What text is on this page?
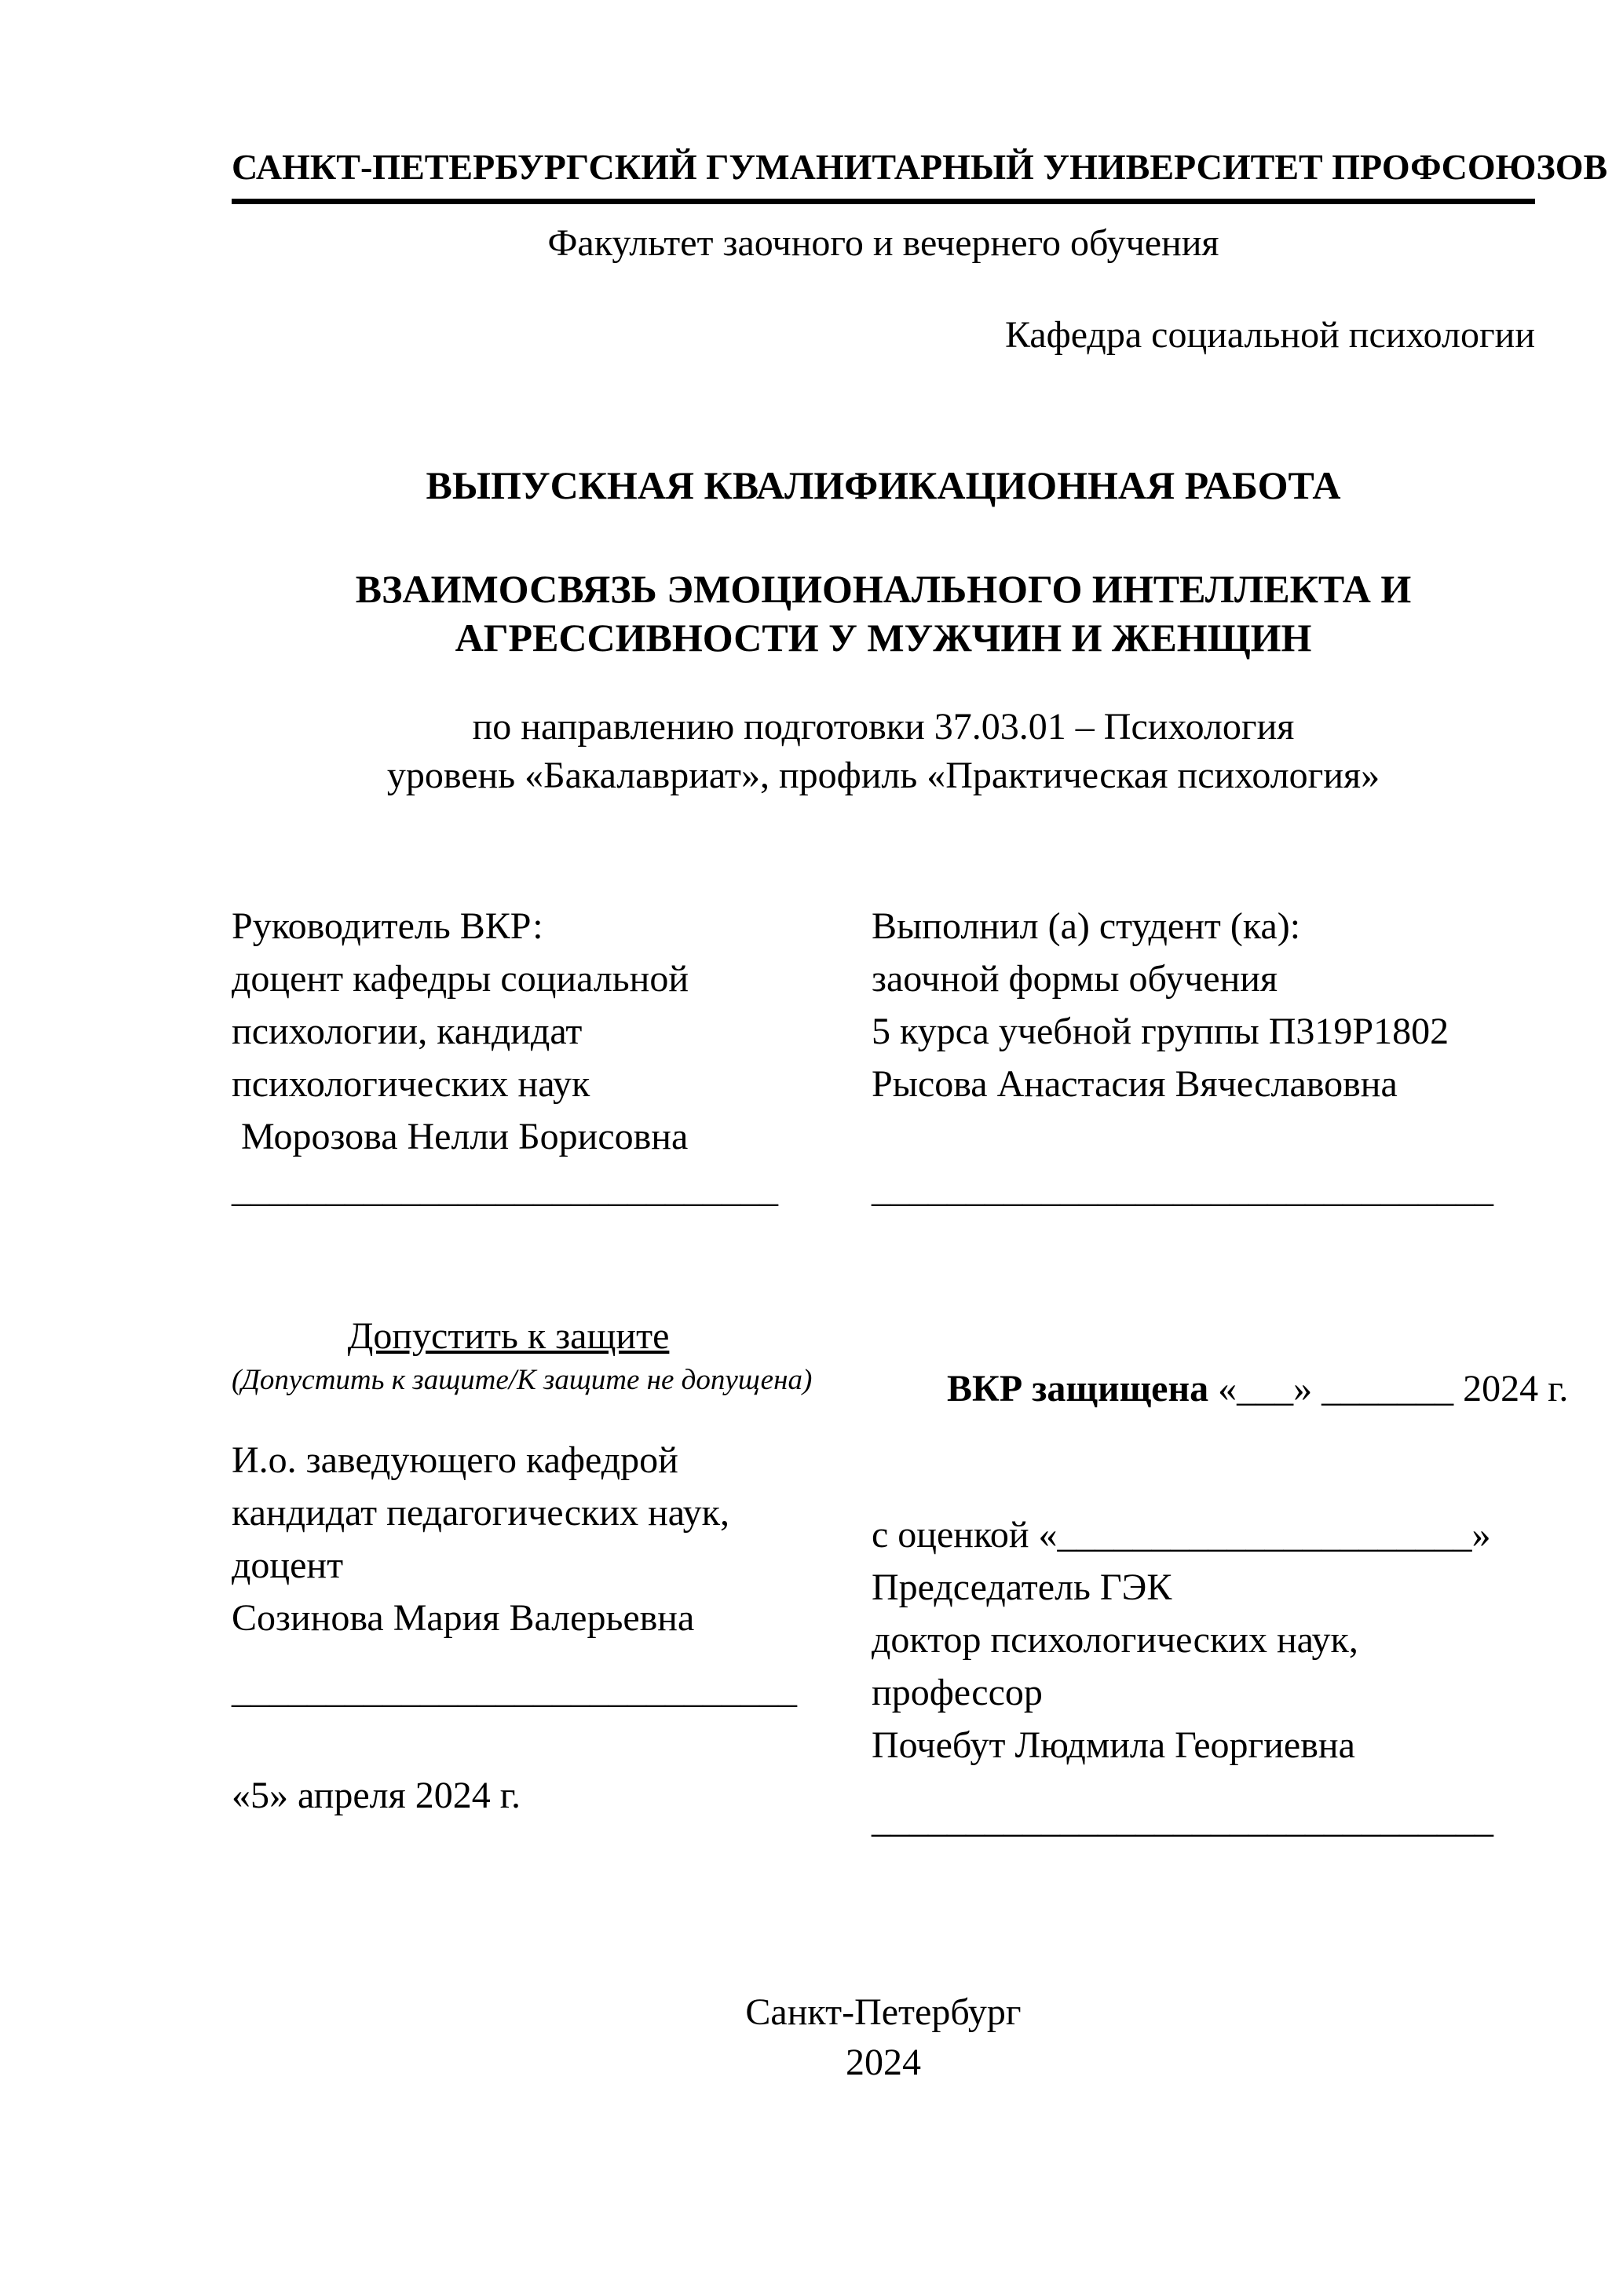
САНКТ-ПЕТЕРБУРГСКИЙ ГУМАНИТАРНЫЙ УНИВЕРСИТЕТ ПРОФСОЮЗОВ
Факультет заочного и вечернего обучения
Кафедра социальной психологии
ВЫПУСКНАЯ КВАЛИФИКАЦИОННАЯ РАБОТА
ВЗАИМОСВЯЗЬ ЭМОЦИОНАЛЬНОГО ИНТЕЛЛЕКТА И
АГРЕССИВНОСТИ У МУЖЧИН И ЖЕНЩИН
по направлению подготовки 37.03.01 – Психология
уровень «Бакалавриат», профиль «Практическая психология»
Руководитель ВКР:
доцент кафедры социальной
психологии, кандидат
психологических наук
Морозова Нелли Борисовна
_____________________________
Выполнил (а) студент (ка):
заочной формы обучения
5 курса учебной группы П319Р1802
Рысова Анастасия Вячеславовна
_________________________________
Допустить к защите
(Допустить к защите/К защите не допущена)
И.о. заведующего кафедрой
кандидат педагогических наук,
доцент
Созинова Мария Валерьевна
______________________________
«5» апреля 2024 г.

ВКР защищена «___» _______ 2024 г.

с оценкой «______________________»
Председатель ГЭК
доктор психологических наук,
профессор
Почебут Людмила Георгиевна
_________________________________
Санкт-Петербург
2024
